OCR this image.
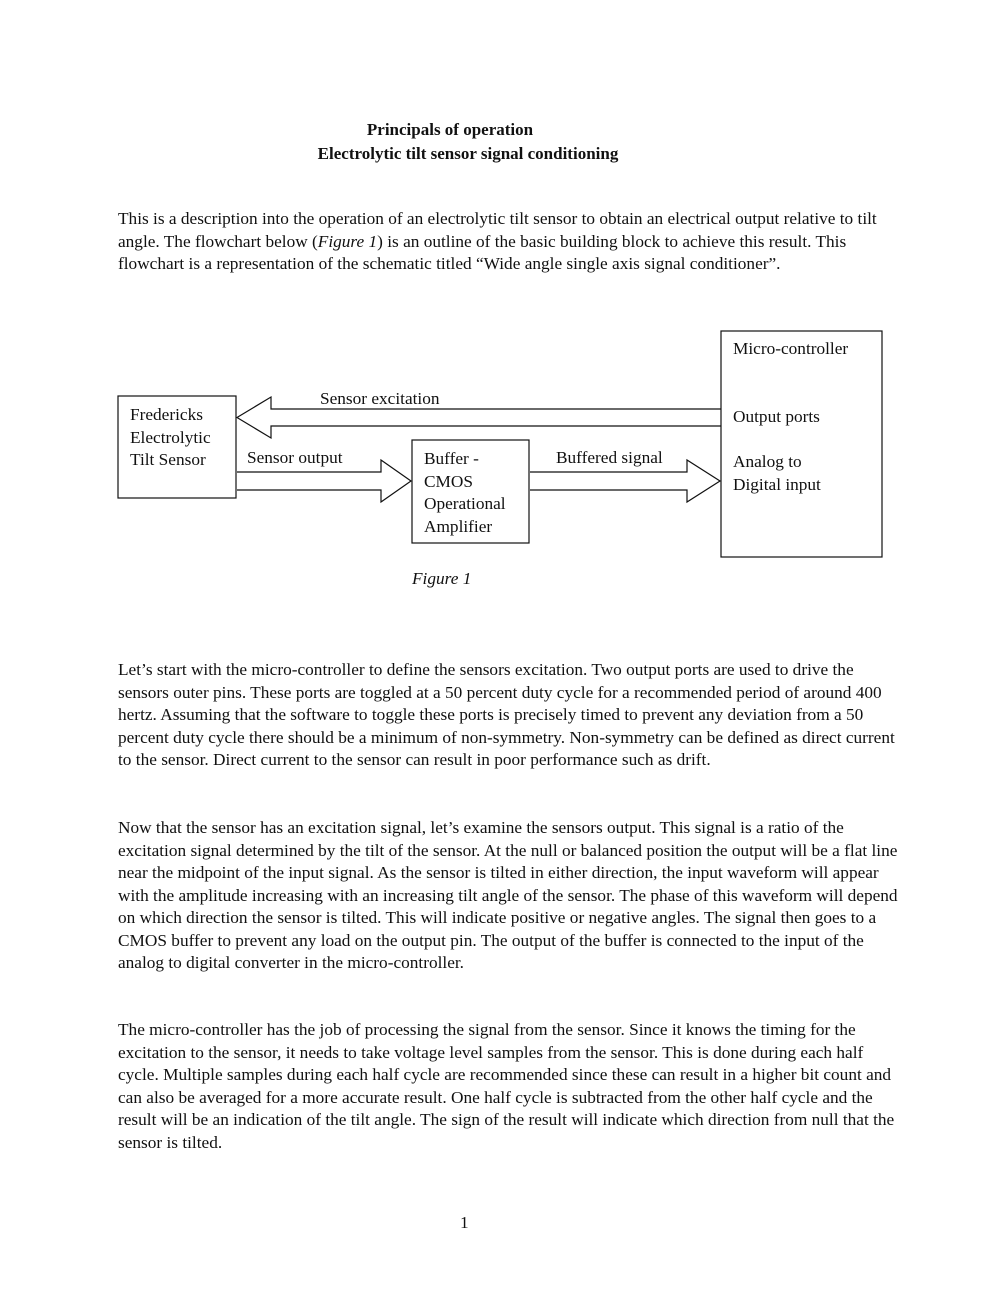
Principals of operation

Electrolytic tilt sensor signal conditioning

This is a description into the operation of an electrolytic tilt sensor to obtain an electrical output relative to tilt angle. The flowchart below (Figure 1) is an outline of the basic building block to achieve this result. This flowchart is a representation of the schematic titled “Wide angle single axis signal conditioner”.

Fredericks
Electrolytic
Tilt Sensor	Buffer -
CMOS
Operational
Amplifier
Micro-controller
Output ports
Analog to
Digital input
Sensor excitation
Sensor output	Buffered signal
Figure 1

Let’s start with the micro-controller to define the sensors excitation. Two output ports are used to drive the sensors outer pins. These ports are toggled at a 50 percent duty cycle for a recommended period of around 400 hertz. Assuming that the software to toggle these ports is precisely timed to prevent any deviation from a 50 percent duty cycle there should be a minimum of non-symmetry. Non-symmetry can be defined as direct current to the sensor. Direct current to the sensor can result in poor performance such as drift.

Now that the sensor has an excitation signal, let’s examine the sensors output. This signal is a ratio of the excitation signal determined by the tilt of the sensor. At the null or balanced position the output will be a flat line near the midpoint of the input signal. As the sensor is tilted in either direction, the input waveform will appear with the amplitude increasing with an increasing tilt angle of the sensor. The phase of this waveform will depend on which direction the sensor is tilted. This will indicate positive or negative angles. The signal then goes to a CMOS buffer to prevent any load on the output pin. The output of the buffer is connected to the input of the analog to digital converter in the micro-controller.

The micro-controller has the job of processing the signal from the sensor. Since it knows the timing for the excitation to the sensor, it needs to take voltage level samples from the sensor. This is done during each half cycle. Multiple samples during each half cycle are recommended since these can result in a higher bit count and can also be averaged for a more accurate result. One half cycle is subtracted from the other half cycle and the result will be an indication of the tilt angle. The sign of the result will indicate which direction from null that the sensor is tilted.

1
